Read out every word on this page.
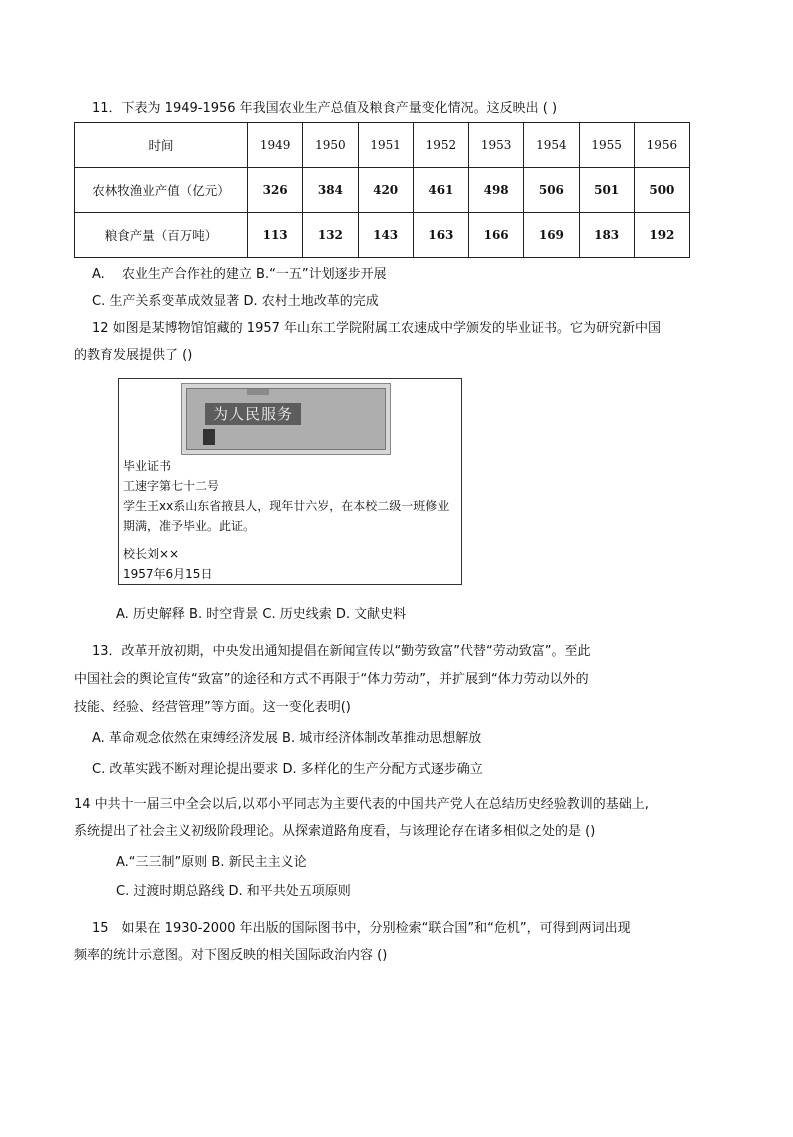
11．下表为 1949-1956 年我国农业生产总值及粮食产量变化情况。这反映出 ( )
时间	1949	1950	1951	1952	1953	1954	1955	1956
农林牧渔业产值（亿元）	326	384	420	461	498	506	501	500
粮食产量（百万吨）	113	132	143	163	166	169	183	192
A.　 农业生产合作社的建立 B.“一五”计划逐步开展
C. 生产关系变革成效显著 D. 农村土地改革的完成
12 如图是某博物馆馆藏的 1957 年山东工学院附属工农速成中学颁发的毕业证书。它为研究新中国
的教育发展提供了 ()
为人民服务
毕业证书
工速字第七十二号
学生王xx系山东省掖县人，现年廿六岁，在本校二级一班修业
期满，准予毕业。此证。
校长刘××
1957年6月15日
A. 历史解释 B. 时空背景 C. 历史线索 D. 文献史料
13．改革开放初期，中央发出通知提倡在新闻宣传以“勤劳致富”代替“劳动致富”。至此
中国社会的舆论宣传“致富”的途径和方式不再限于“体力劳动”，并扩展到“体力劳动以外的
技能、经验、经营管理”等方面。这一变化表明()
A. 革命观念依然在束缚经济发展 B. 城市经济体制改革推动思想解放
C. 改革实践不断对理论提出要求 D. 多样化的生产分配方式逐步确立
14 中共十一届三中全会以后,以邓小平同志为主要代表的中国共产党人在总结历史经验教训的基础上,
系统提出了社会主义初级阶段理论。从探索道路角度看，与该理论存在诸多相似之处的是 ()
A.“三三制”原则 B. 新民主主义论
C. 过渡时期总路线 D. 和平共处五项原则
15　如果在 1930-2000 年出版的国际图书中，分别检索“联合国”和“危机”，可得到两词出现
频率的统计示意图。对下图反映的相关国际政治内容 ()
